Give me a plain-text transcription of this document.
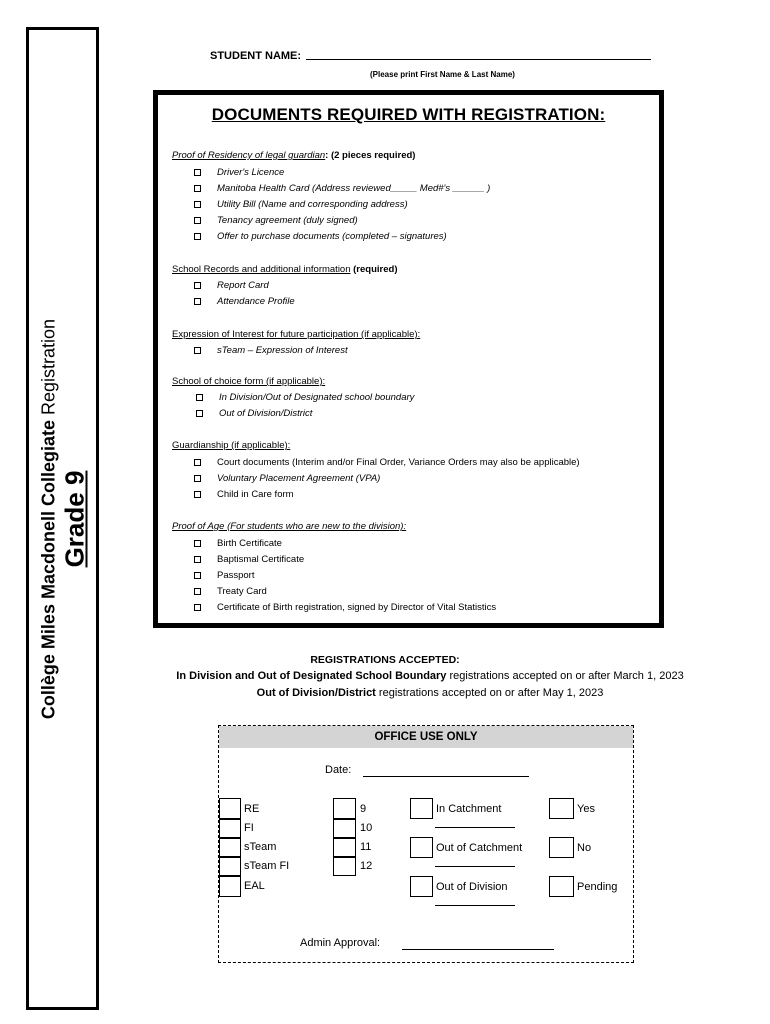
Collège Miles Macdonell Collegiate Registration
Grade 9
STUDENT NAME:
(Please print First Name & Last Name)
DOCUMENTS REQUIRED WITH REGISTRATION:
Proof of Residency of legal guardian: (2 pieces required)
Driver's Licence
Manitoba Health Card (Address reviewed_____ Med#'s ______ )
Utility Bill (Name and corresponding address)
Tenancy agreement (duly signed)
Offer to purchase documents (completed – signatures)
School Records and additional information (required)
Report Card
Attendance Profile
Expression of Interest for future participation (if applicable):
sTeam – Expression of Interest
School of choice form (if applicable):
In Division/Out of Designated school boundary
Out of Division/District
Guardianship (if applicable):
Court documents (Interim and/or Final Order, Variance Orders may also be applicable)
Voluntary Placement Agreement (VPA)
Child in Care form
Proof of Age (For students who are new to the division):
Birth Certificate
Baptismal Certificate
Passport
Treaty Card
Certificate of Birth registration, signed by Director of Vital Statistics
REGISTRATIONS ACCEPTED:
In Division and Out of Designated School Boundary registrations accepted on or after March 1, 2023
Out of Division/District registrations accepted on or after May 1, 2023
OFFICE USE ONLY
Date:
RE
FI
sTeam
sTeam FI
EAL
9
10
11
12
In Catchment
Out of Catchment
Out of Division
Yes
No
Pending
Admin Approval:
